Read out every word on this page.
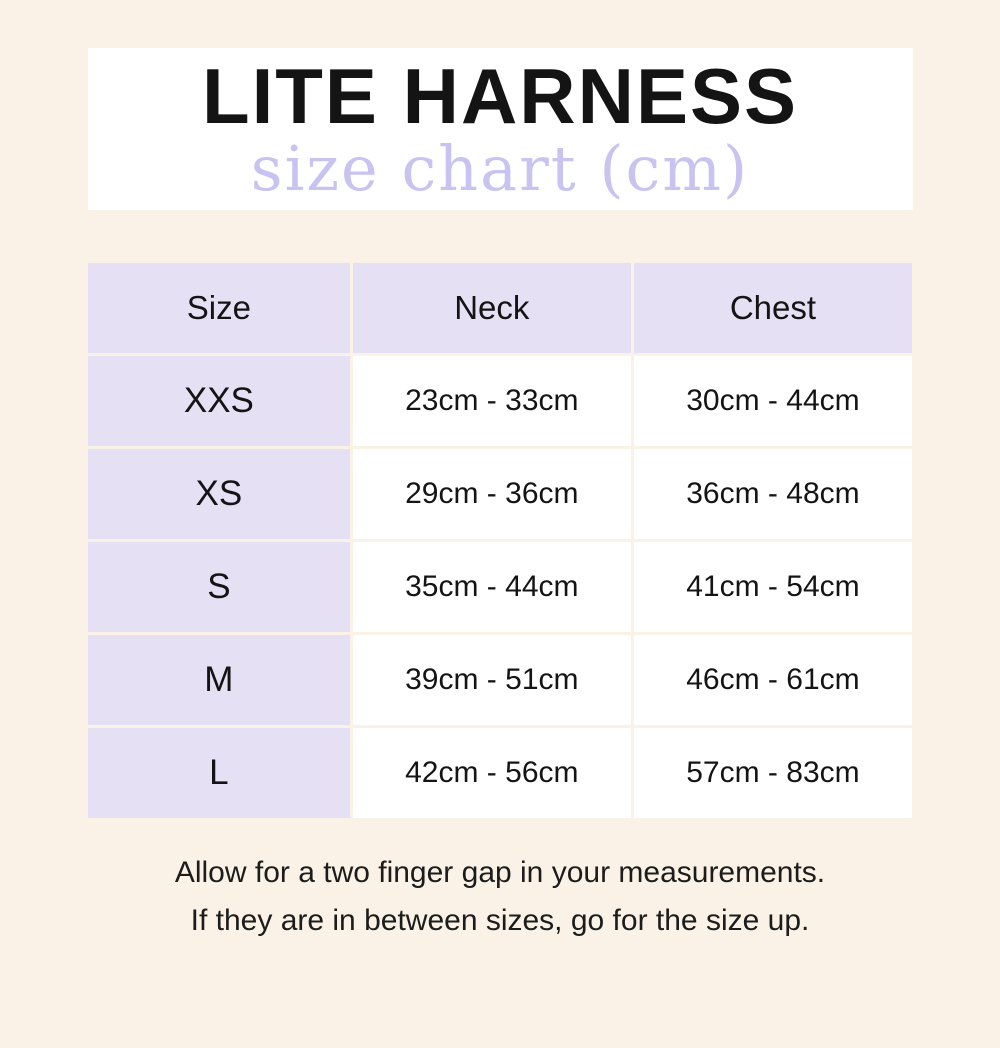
LITE HARNESS
size chart (cm)
Size	Neck	Chest
XXS	23cm - 33cm	30cm - 44cm
XS	29cm - 36cm	36cm - 48cm
S	35cm - 44cm	41cm - 54cm
M	39cm - 51cm	46cm - 61cm
L	42cm - 56cm	57cm - 83cm
Allow for a two finger gap in your measurements.
If they are in between sizes, go for the size up.
